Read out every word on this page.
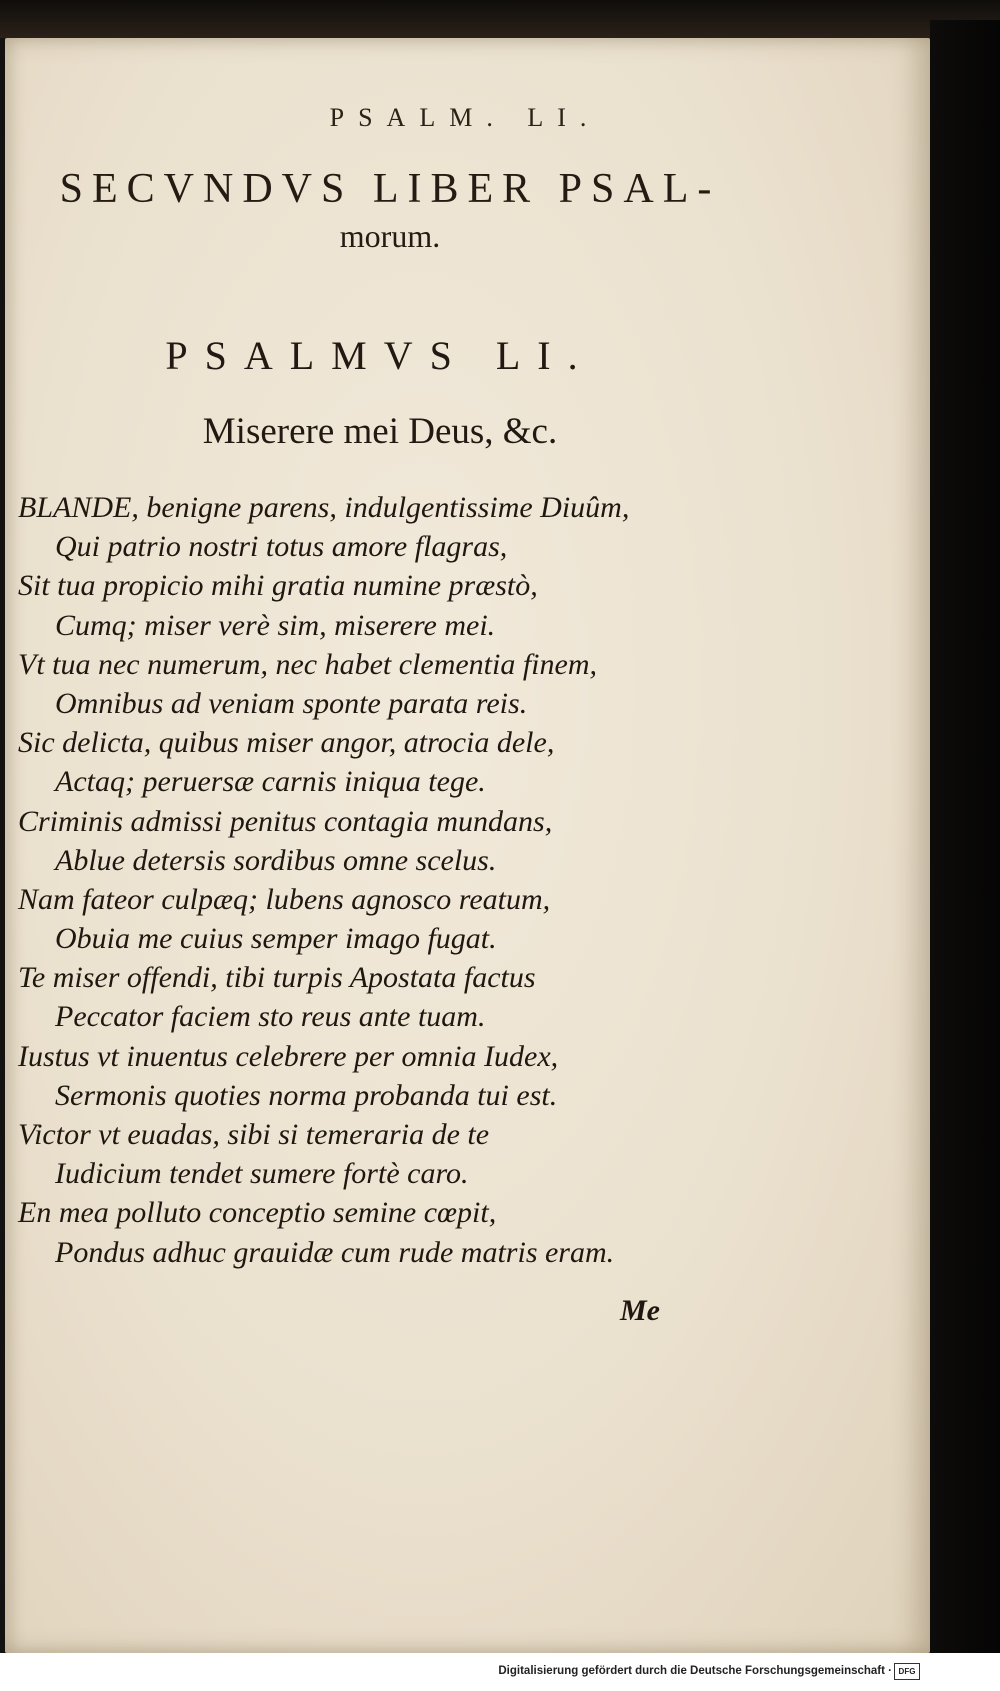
PSALM. LI.
SECVNDVS LIBER PSAL-
morum.
PSALMVS LI.
Miserere mei Deus, &c.
BLANDE, benigne parens, indulgentissime Diuûm,
Qui patrio nostri totus amore flagras,
Sit tua propicio mihi gratia numine præstò,
Cumq; miser verè sim, miserere mei.
Vt tua nec numerum, nec habet clementia finem,
Omnibus ad veniam sponte parata reis.
Sic delicta, quibus miser angor, atrocia dele,
Actaq; peruersæ carnis iniqua tege.
Criminis admissi penitus contagia mundans,
Ablue detersis sordibus omne scelus.
Nam fateor culpæq; lubens agnosco reatum,
Obuia me cuius semper imago fugat.
Te miser offendi, tibi turpis Apostata factus
Peccator faciem sto reus ante tuam.
Iustus vt inuentus celebrere per omnia Iudex,
Sermonis quoties norma probanda tui est.
Victor vt euadas, sibi si temeraria de te
Iudicium tendet sumere fortè caro.
En mea polluto conceptio semine cœpit,
Pondus adhuc grauidæ cum rude matris eram.
Me
Digitalisierung gefördert durch die Deutsche Forschungsgemeinschaft · DFG
